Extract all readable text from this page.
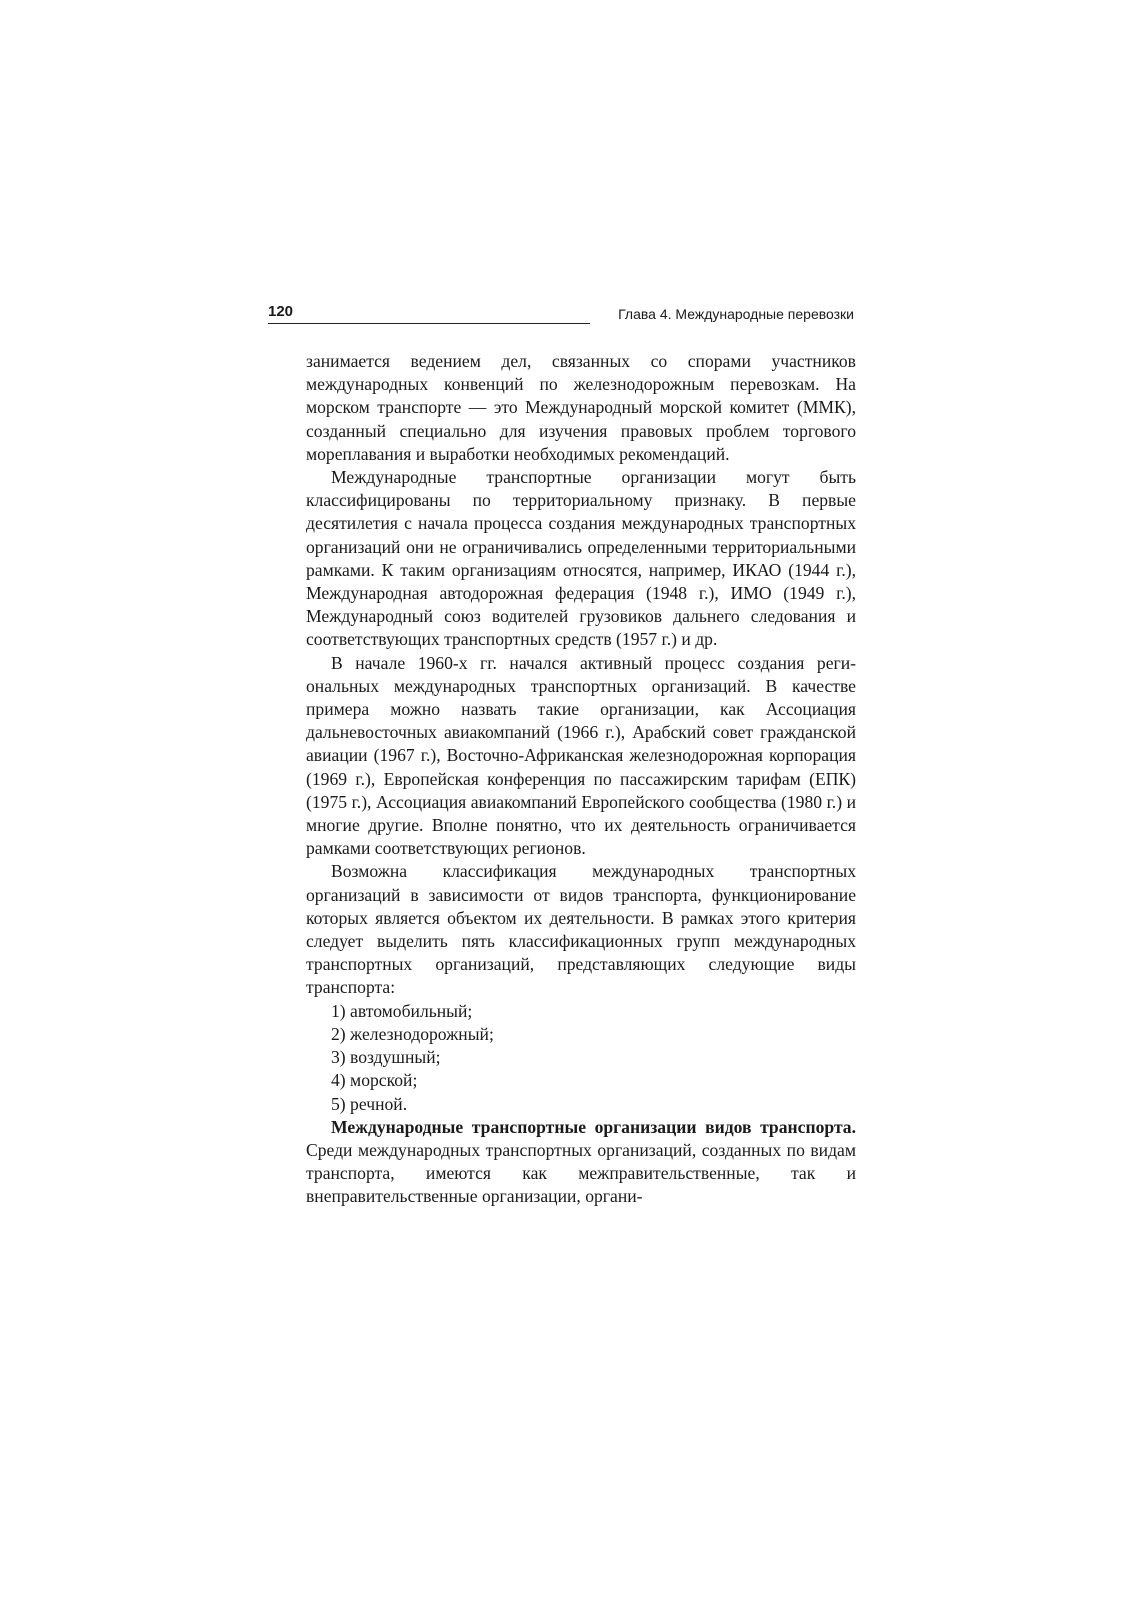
120	Глава 4. Международные перевозки

занимается ведением дел, связанных со спорами участников международных конвенций по железнодорожным перевозкам. На морском транспорте — это Международный морской комитет (ММК), созданный специально для изучения правовых проблем торгового мореплавания и выработки необходимых рекомендаций.

Международные транспортные организации могут быть классифицированы по территориальному признаку. В первые десятилетия с начала процесса создания международных транспортных организаций они не ограничивались определенными территориальными рамками. К таким организациям относятся, например, ИКАО (1944 г.), Международная автодорожная федерация (1948 г.), ИМО (1949 г.), Международный союз водителей грузовиков дальнего следования и соответствующих транспортных средств (1957 г.) и др.

В начале 1960-х гг. начался активный процесс создания региональных международных транспортных организаций. В качестве примера можно назвать такие организации, как Ассоциация дальневосточных авиакомпаний (1966 г.), Арабский совет гражданской авиации (1967 г.), Восточно-Африканская железнодорожная корпорация (1969 г.), Европейская конференция по пассажирским тарифам (ЕПК) (1975 г.), Ассоциация авиакомпаний Европейского сообщества (1980 г.) и многие другие. Вполне понятно, что их деятельность ограничивается рамками соответствующих регионов.

Возможна классификация международных транспортных организаций в зависимости от видов транспорта, функционирование которых является объектом их деятельности. В рамках этого критерия следует выделить пять классификационных групп международных транспортных организаций, представляющих следующие виды транспорта:

1) автомобильный;
2) железнодорожный;
3) воздушный;
4) морской;
5) речной.

Международные транспортные организации видов транспорта. Среди международных транспортных организаций, созданных по видам транспорта, имеются как межправительственные, так и внеправительственные организации, органи-
